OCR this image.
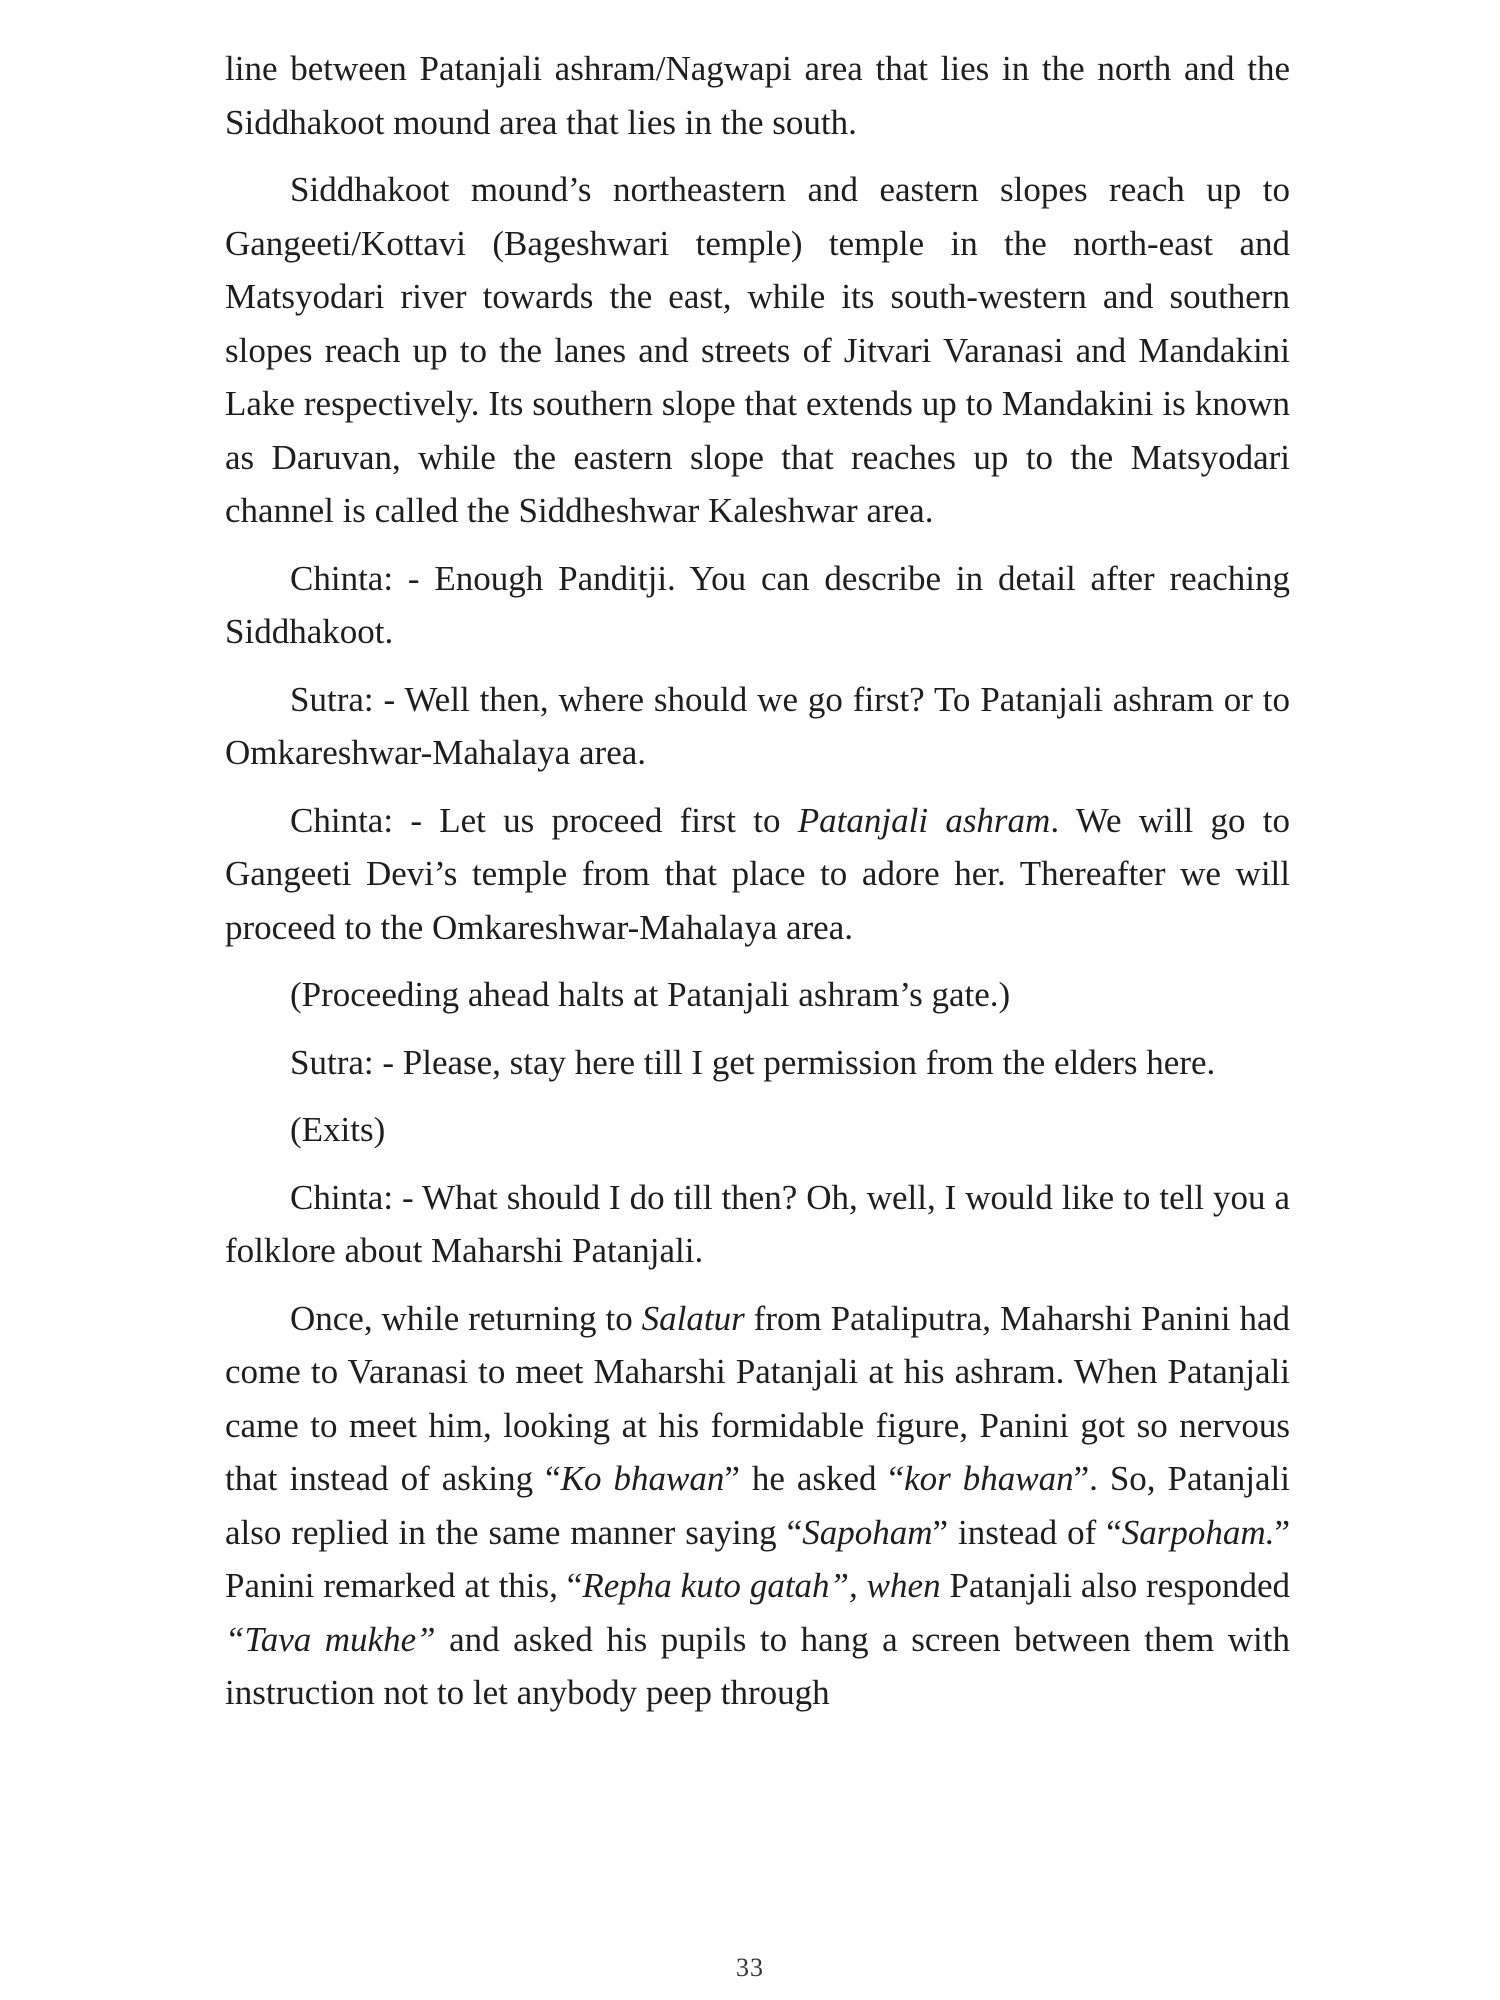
line between Patanjali ashram/Nagwapi area that lies in the north and the Siddhakoot mound area that lies in the south.

Siddhakoot mound’s northeastern and eastern slopes reach up to Gangeeti/Kottavi (Bageshwari temple) temple in the north-east and Matsyodari river towards the east, while its south-western and southern slopes reach up to the lanes and streets of Jitvari Varanasi and Mandakini Lake respectively. Its southern slope that extends up to Mandakini is known as Daruvan, while the eastern slope that reaches up to the Matsyodari channel is called the Siddheshwar Kaleshwar area.

Chinta: - Enough Panditji. You can describe in detail after reaching Siddhakoot.

Sutra: - Well then, where should we go first? To Patanjali ashram or to Omkareshwar-Mahalaya area.

Chinta: - Let us proceed first to Patanjali ashram. We will go to Gangeeti Devi’s temple from that place to adore her. Thereafter we will proceed to the Omkareshwar-Mahalaya area.

(Proceeding ahead halts at Patanjali ashram’s gate.)

Sutra: - Please, stay here till I get permission from the elders here.

(Exits)

Chinta: - What should I do till then? Oh, well, I would like to tell you a folklore about Maharshi Patanjali.

Once, while returning to Salatur from Pataliputra, Maharshi Panini had come to Varanasi to meet Maharshi Patanjali at his ashram. When Patanjali came to meet him, looking at his formidable figure, Panini got so nervous that instead of asking “Ko bhawan” he asked “kor bhawan”. So, Patanjali also replied in the same manner saying “Sapoham” instead of “Sarpoham.” Panini remarked at this, “Repha kuto gatah”, when Patanjali also responded “Tava mukhe” and asked his pupils to hang a screen between them with instruction not to let anybody peep through

33
